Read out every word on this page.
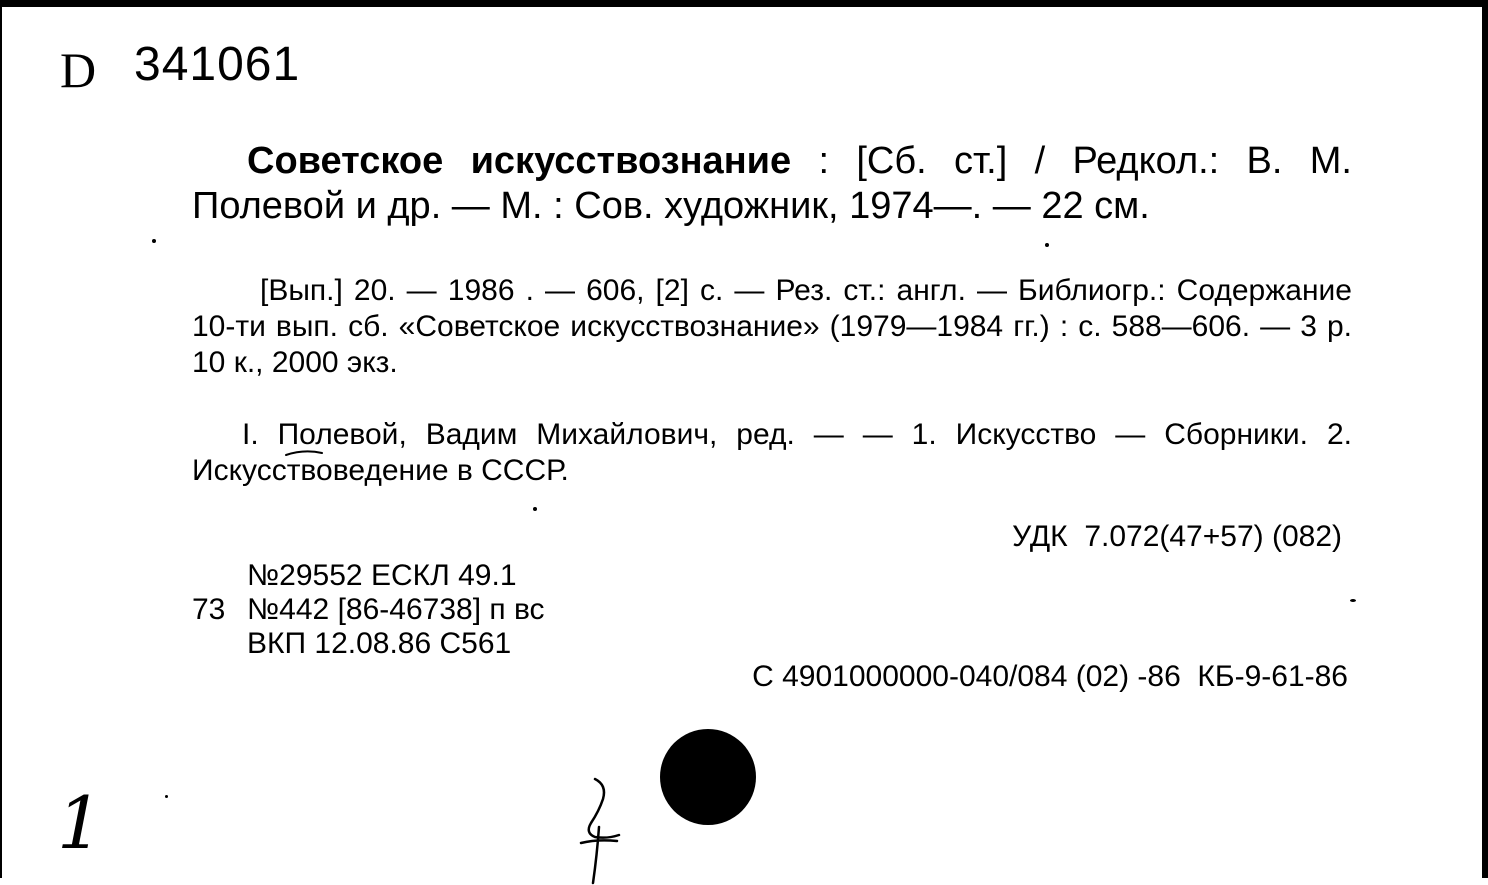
D 341061
Советское искусствознание : [Сб. ст.] / Редкол.: В. М. Полевой и др. — М. : Сов. художник, 1974—. — 22 см.
[Вып.] 20. — 1986 . — 606, [2] с. — Рез. ст.: англ. — Библиогр.: Содержание 10-ти вып. сб. «Советское искусствознание» (1979—1984 гг.) : с. 588—606. — 3 р. 10 к., 2000 экз.
I. Полевой, Вадим Михайлович, ред. — — 1. Искусство — Сборники. 2. Искусствоведение в СССР.
УДК  7.072(47+57) (082)
№29552 ЕСКЛ 49.1
73 №442 [86-46738] п вс
ВКП 12.08.86 С561
С 4901000000-040/084 (02) -86  КБ-9-61-86
1
